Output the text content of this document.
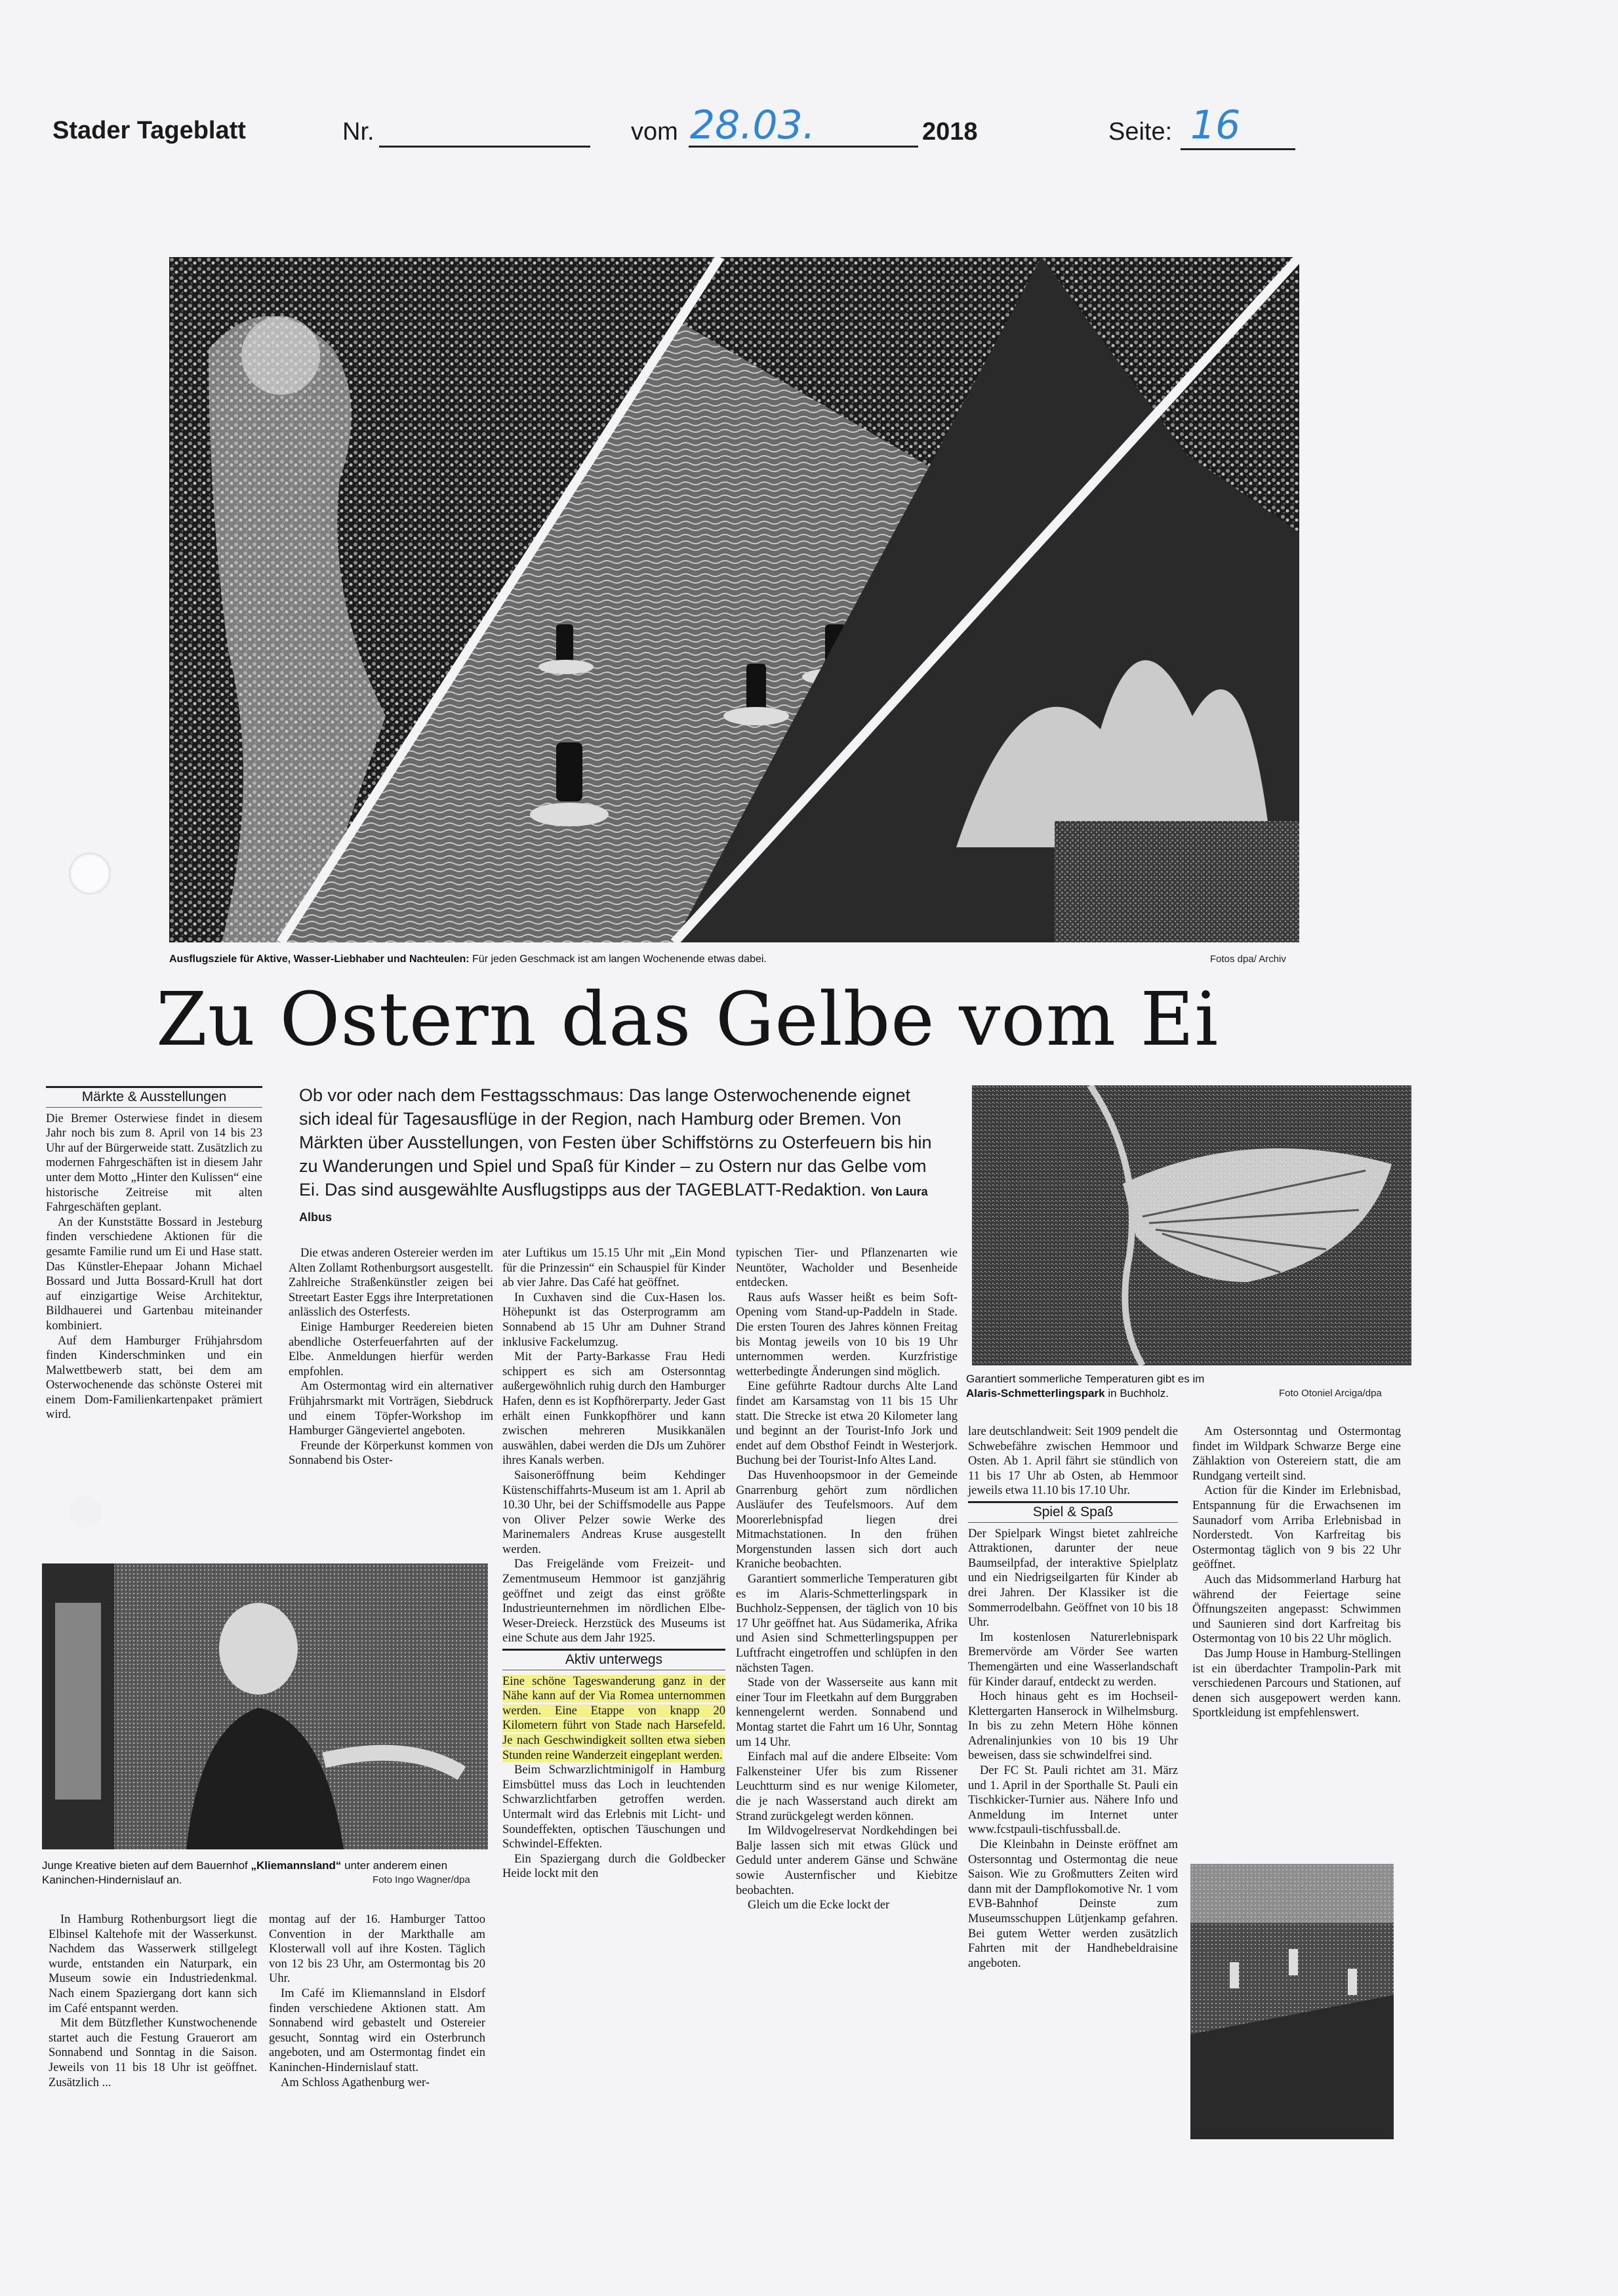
Stader Tageblatt	Nr.	vom 28.03.	2018	Seite: 16
Ausflugsziele für Aktive, Wasser-Liebhaber und Nachteulen: Für jeden Geschmack ist am langen Wochenende etwas dabei.	Fotos dpa/ Archiv
Zu Ostern das Gelbe vom Ei
Ob vor oder nach dem Festtagsschmaus: Das lange Osterwochenende eignet sich ideal für Tagesausflüge in der Region, nach Hamburg oder Bremen. Von Märkten über Ausstellungen, von Festen über Schiffstörns zu Osterfeuern bis hin zu Wanderungen und Spiel und Spaß für Kinder – zu Ostern nur das Gelbe vom Ei. Das sind ausgewählte Ausflugstipps aus der TAGEBLATT-Redaktion. Von Laura Albus
Garantiert sommerliche Temperaturen gibt es im
Alaris-Schmetterlingspark in Buchholz.	Foto Otoniel Arciga/dpa
Märkte & Ausstellungen

Die Bremer Osterwiese findet in diesem Jahr noch bis zum 8. April von 14 bis 23 Uhr auf der Bürgerweide statt. Zusätzlich zu modernen Fahrgeschäften ist in diesem Jahr unter dem Motto „Hinter den Kulissen“ eine historische Zeitreise mit alten Fahrgeschäften geplant.

An der Kunststätte Bossard in Jesteburg finden verschiedene Aktionen für die gesamte Familie rund um Ei und Hase statt. Das Künstler-Ehepaar Johann Michael Bossard und Jutta Bossard-Krull hat dort auf einzigartige Weise Architektur, Bildhauerei und Gartenbau miteinander kombiniert.

Auf dem Hamburger Frühjahrsdom finden Kinderschminken und ein Malwettbewerb statt, bei dem am Osterwochenende das schönste Osterei mit einem Dom-Familienkartenpaket prämiert wird.

Die etwas anderen Ostereier werden im Alten Zollamt Rothenburgsort ausgestellt. Zahlreiche Straßenkünstler zeigen bei Streetart Easter Eggs ihre Interpretationen anlässlich des Osterfests.

Einige Hamburger Reedereien bieten abendliche Osterfeuerfahrten auf der Elbe. Anmeldungen hierfür werden empfohlen.

Am Ostermontag wird ein alternativer Frühjahrsmarkt mit Vorträgen, Siebdruck und einem Töpfer-Workshop im Hamburger Gängeviertel angeboten.

Freunde der Körperkunst kommen von Sonnabend bis Oster-

ater Luftikus um 15.15 Uhr mit „Ein Mond für die Prinzessin“ ein Schauspiel für Kinder ab vier Jahre. Das Café hat geöffnet.

In Cuxhaven sind die Cux-Hasen los. Höhepunkt ist das Osterprogramm am Sonnabend ab 15 Uhr am Duhner Strand inklusive Fackelumzug.

Mit der Party-Barkasse Frau Hedi schippert es sich am Ostersonntag außergewöhnlich ruhig durch den Hamburger Hafen, denn es ist Kopfhörerparty. Jeder Gast erhält einen Funkkopfhörer und kann zwischen mehreren Musikkanälen auswählen, dabei werden die DJs um Zuhörer ihres Kanals werben.

Saisoneröffnung beim Kehdinger Küstenschiffahrts-Museum ist am 1. April ab 10.30 Uhr, bei der Schiffsmodelle aus Pappe von Oliver Pelzer sowie Werke des Marinemalers Andreas Kruse ausgestellt werden.

Das Freigelände vom Freizeit- und Zementmuseum Hemmoor ist ganzjährig geöffnet und zeigt das einst größte Industrieunternehmen im nördlichen Elbe-Weser-Dreieck. Herzstück des Museums ist eine Schute aus dem Jahr 1925.

Aktiv unterwegs

Eine schöne Tageswanderung ganz in der Nähe kann auf der Via Romea unternommen werden. Eine Etappe von knapp 20 Kilometern führt von Stade nach Harsefeld. Je nach Geschwindigkeit sollten etwa sieben Stunden reine Wanderzeit eingeplant werden.

Beim Schwarzlichtminigolf in Hamburg Eimsbüttel muss das Loch in leuchtenden Schwarzlichtfarben getroffen werden. Untermalt wird das Erlebnis mit Licht- und Soundeffekten, optischen Täuschungen und Schwindel-Effekten.

Ein Spaziergang durch die Goldbecker Heide lockt mit den

typischen Tier- und Pflanzenarten wie Neuntöter, Wacholder und Besenheide entdecken.

Raus aufs Wasser heißt es beim Soft-Opening vom Stand-up-Paddeln in Stade. Die ersten Touren des Jahres können Freitag bis Montag jeweils von 10 bis 19 Uhr unternommen werden. Kurzfristige wetterbedingte Änderungen sind möglich.

Eine geführte Radtour durchs Alte Land findet am Karsamstag von 11 bis 15 Uhr statt. Die Strecke ist etwa 20 Kilometer lang und beginnt an der Tourist-Info Jork und endet auf dem Obsthof Feindt in Westerjork. Buchung bei der Tourist-Info Altes Land.

Das Huvenhoopsmoor in der Gemeinde Gnarrenburg gehört zum nördlichen Ausläufer des Teufelsmoors. Auf dem Moorerlebnispfad liegen drei Mitmachstationen. In den frühen Morgenstunden lassen sich dort auch Kraniche beobachten.

Garantiert sommerliche Temperaturen gibt es im Alaris-Schmetterlingspark in Buchholz-Seppensen, der täglich von 10 bis 17 Uhr geöffnet hat. Aus Südamerika, Afrika und Asien sind Schmetterlingspuppen per Luftfracht eingetroffen und schlüpfen in den nächsten Tagen.

Stade von der Wasserseite aus kann mit einer Tour im Fleetkahn auf dem Burggraben kennengelernt werden. Sonnabend und Montag startet die Fahrt um 16 Uhr, Sonntag um 14 Uhr.

Einfach mal auf die andere Elbseite: Vom Falkensteiner Ufer bis zum Rissener Leuchtturm sind es nur wenige Kilometer, die je nach Wasserstand auch direkt am Strand zurückgelegt werden können.

Im Wildvogelreservat Nordkehdingen bei Balje lassen sich mit etwas Glück und Geduld unter anderem Gänse und Schwäne sowie Austernfischer und Kiebitze beobachten.

Gleich um die Ecke lockt der

lare deutschlandweit: Seit 1909 pendelt die Schwebefähre zwischen Hemmoor und Osten. Ab 1. April fährt sie stündlich von 11 bis 17 Uhr ab Osten, ab Hemmoor jeweils etwa 11.10 bis 17.10 Uhr.

Spiel & Spaß

Der Spielpark Wingst bietet zahlreiche Attraktionen, darunter der neue Baumseilpfad, der interaktive Spielplatz und ein Niedrigseilgarten für Kinder ab drei Jahren. Der Klassiker ist die Sommerrodelbahn. Geöffnet von 10 bis 18 Uhr.

Im kostenlosen Naturerlebnispark Bremervörde am Vörder See warten Themengärten und eine Wasserlandschaft für Kinder darauf, entdeckt zu werden.

Hoch hinaus geht es im Hochseil-Klettergarten Hanserock in Wilhelmsburg. In bis zu zehn Metern Höhe können Adrenalinjunkies von 10 bis 19 Uhr beweisen, dass sie schwindelfrei sind.

Der FC St. Pauli richtet am 31. März und 1. April in der Sporthalle St. Pauli ein Tischkicker-Turnier aus. Nähere Info und Anmeldung im Internet unter www.fcstpauli-tischfussball.de.

Die Kleinbahn in Deinste eröffnet am Ostersonntag und Ostermontag die neue Saison. Wie zu Großmutters Zeiten wird dann mit der Dampflokomotive Nr. 1 vom EVB-Bahnhof Deinste zum Museumsschuppen Lütjenkamp gefahren. Bei gutem Wetter werden zusätzlich Fahrten mit der Handhebeldraisine angeboten.

Am Ostersonntag und Ostermontag findet im Wildpark Schwarze Berge eine Zählaktion von Ostereiern statt, die am Rundgang verteilt sind.

Action für die Kinder im Erlebnisbad, Entspannung für die Erwachsenen im Saunadorf vom Arriba Erlebnisbad in Norderstedt. Von Karfreitag bis Ostermontag täglich von 9 bis 22 Uhr geöffnet.

Auch das Midsommerland Harburg hat während der Feiertage seine Öffnungszeiten angepasst: Schwimmen und Saunieren sind dort Karfreitag bis Ostermontag von 10 bis 22 Uhr möglich.

Das Jump House in Hamburg-Stellingen ist ein überdachter Trampolin-Park mit verschiedenen Parcours und Stationen, auf denen sich ausgepowert werden kann. Sportkleidung ist empfehlenswert.

Junge Kreative bieten auf dem Bauernhof „Kliemannsland“ unter anderem einen Kaninchen-Hindernislauf an.	Foto Ingo Wagner/dpa

In Hamburg Rothenburgsort liegt die Elbinsel Kaltehofe mit der Wasserkunst. Nachdem das Wasserwerk stillgelegt wurde, entstanden ein Naturpark, ein Museum sowie ein Industriedenkmal. Nach einem Spaziergang dort kann sich im Café entspannt werden.

Mit dem Bützflether Kunstwochenende startet auch die Festung Grauerort am Sonnabend und Sonntag in die Saison. Jeweils von 11 bis 18 Uhr ist geöffnet. Zusätzlich ...

montag auf der 16. Hamburger Tattoo Convention in der Markthalle am Klosterwall voll auf ihre Kosten. Täglich von 12 bis 23 Uhr, am Ostermontag bis 20 Uhr.

Im Café im Kliemannsland in Elsdorf finden verschiedene Aktionen statt. Am Sonnabend wird gebastelt und Ostereier gesucht, Sonntag wird ein Osterbrunch angeboten, und am Ostermontag findet ein Kaninchen-Hindernislauf statt.

Am Schloss Agathenburg wer-
